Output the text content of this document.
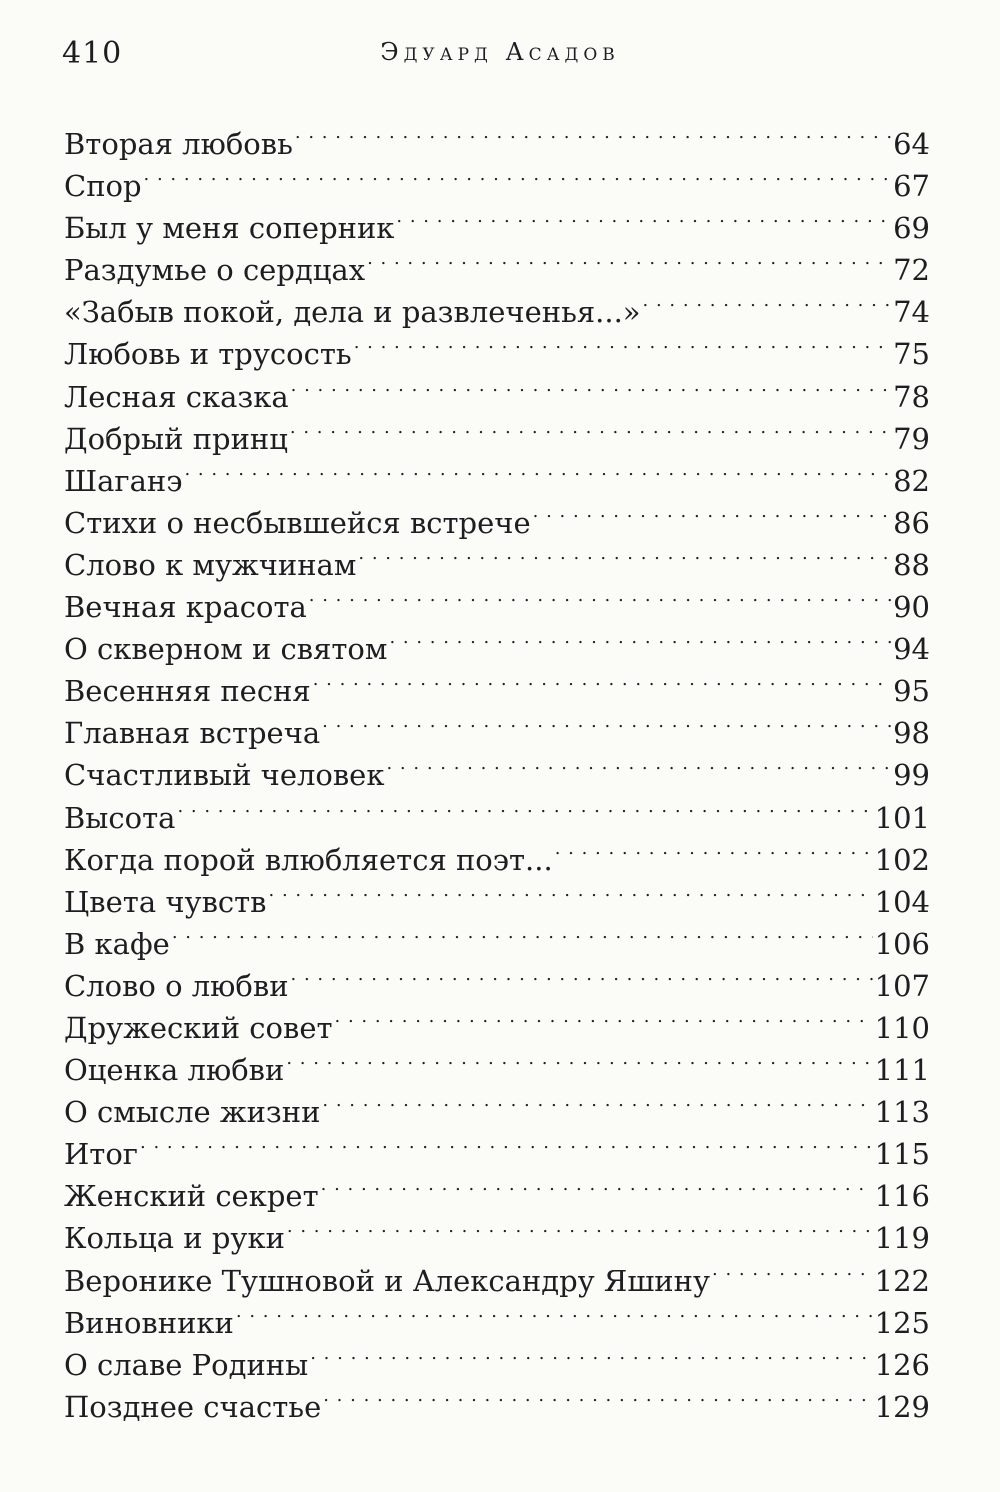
410	Эдуард Асадов
Вторая любовь . . .	64
Спор . . .	67
Был у меня соперник . . .	69
Раздумье о сердцах . . .	72
«Забыв покой, дела и развлеченья...» . . .	74
Любовь и трусость . . .	75
Лесная сказка . . .	78
Добрый принц . . .	79
Шаганэ . . .	82
Стихи о несбывшейся встрече . . .	86
Слово к мужчинам . . .	88
Вечная красота . . .	90
О скверном и святом . . .	94
Весенняя песня . . .	95
Главная встреча . . .	98
Счастливый человек . . .	99
Высота . . .	101
Когда порой влюбляется поэт... . . .	102
Цвета чувств . . .	104
В кафе . . .	106
Слово о любви . . .	107
Дружеский совет . . .	110
Оценка любви . . .	111
О смысле жизни . . .	113
Итог . . .	115
Женский секрет . . .	116
Кольца и руки . . .	119
Веронике Тушновой и Александру Яшину . . .	122
Виновники . . .	125
О славе Родины . . .	126
Позднее счастье . . .	129
